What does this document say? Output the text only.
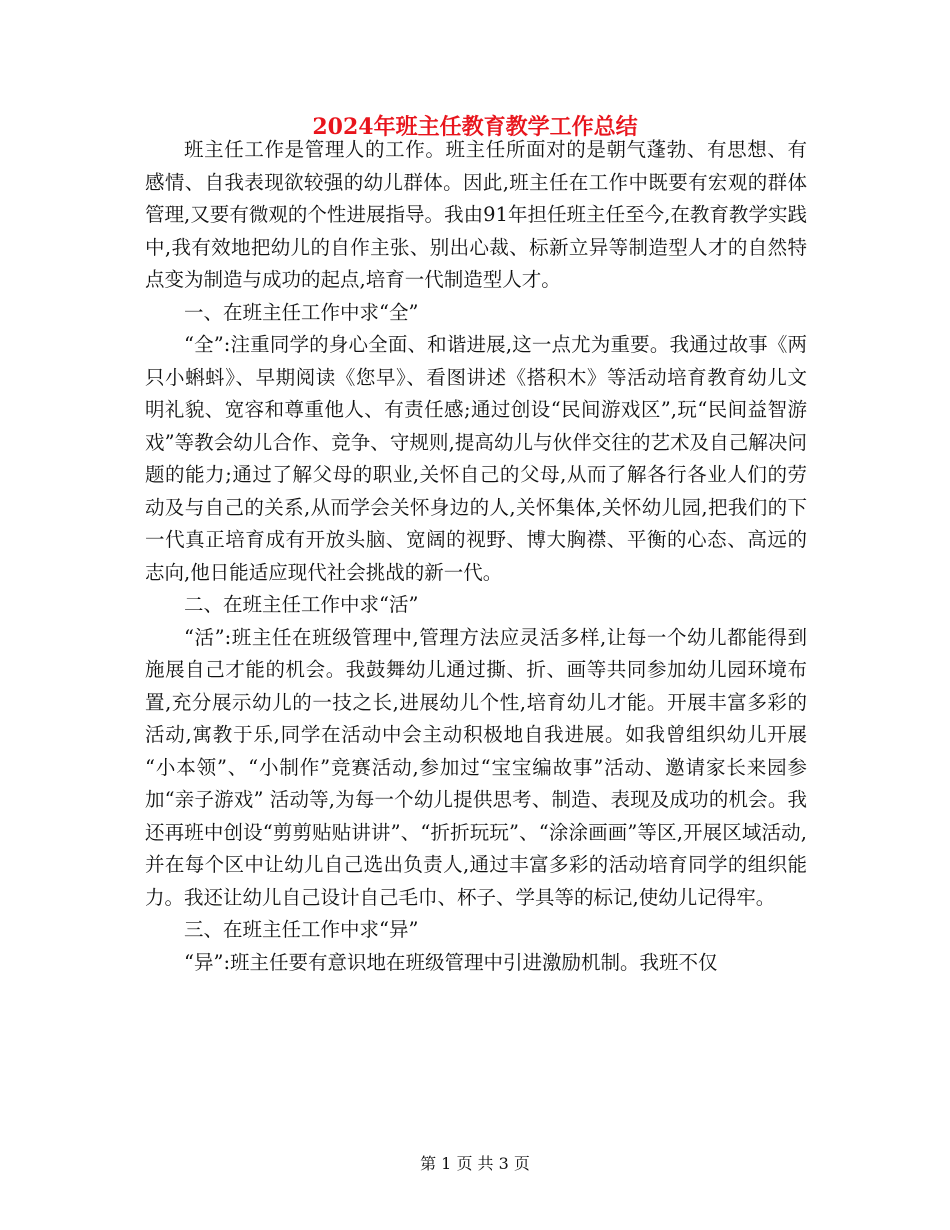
2024年班主任教育教学工作总结

班主任工作是管理人的工作。班主任所面对的是朝气蓬勃、有思想、有感情、自我表现欲较强的幼儿群体。因此,班主任在工作中既要有宏观的群体管理,又要有微观的个性进展指导。我由91年担任班主任至今,在教育教学实践中,我有效地把幼儿的自作主张、别出心裁、标新立异等制造型人才的自然特点变为制造与成功的起点,培育一代制造型人才。

一、在班主任工作中求“全”

“全”:注重同学的身心全面、和谐进展,这一点尤为重要。我通过故事《两只小蝌蚪》、早期阅读《您早》、看图讲述《搭积木》等活动培育教育幼儿文明礼貌、宽容和尊重他人、有责任感;通过创设“民间游戏区”,玩“民间益智游戏”等教会幼儿合作、竞争、守规则,提高幼儿与伙伴交往的艺术及自己解决问题的能力;通过了解父母的职业,关怀自己的父母,从而了解各行各业人们的劳动及与自己的关系,从而学会关怀身边的人,关怀集体,关怀幼儿园,把我们的下一代真正培育成有开放头脑、宽阔的视野、博大胸襟、平衡的心态、高远的志向,他日能适应现代社会挑战的新一代。

二、在班主任工作中求“活”

“活”:班主任在班级管理中,管理方法应灵活多样,让每一个幼儿都能得到施展自己才能的机会。我鼓舞幼儿通过撕、折、画等共同参加幼儿园环境布置,充分展示幼儿的一技之长,进展幼儿个性,培育幼儿才能。开展丰富多彩的活动,寓教于乐,同学在活动中会主动积极地自我进展。如我曾组织幼儿开展 “小本领”、“小制作”竞赛活动,参加过“宝宝编故事”活动、邀请家长来园参加“亲子游戏” 活动等,为每一个幼儿提供思考、制造、表现及成功的机会。我还再班中创设“剪剪贴贴讲讲”、“折折玩玩”、“涂涂画画”等区,开展区域活动,并在每个区中让幼儿自己选出负责人,通过丰富多彩的活动培育同学的组织能力。我还让幼儿自己设计自己毛巾、杯子、学具等的标记,使幼儿记得牢。

三、在班主任工作中求“异”

“异”:班主任要有意识地在班级管理中引进激励机制。我班不仅

第 1 页 共 3 页
